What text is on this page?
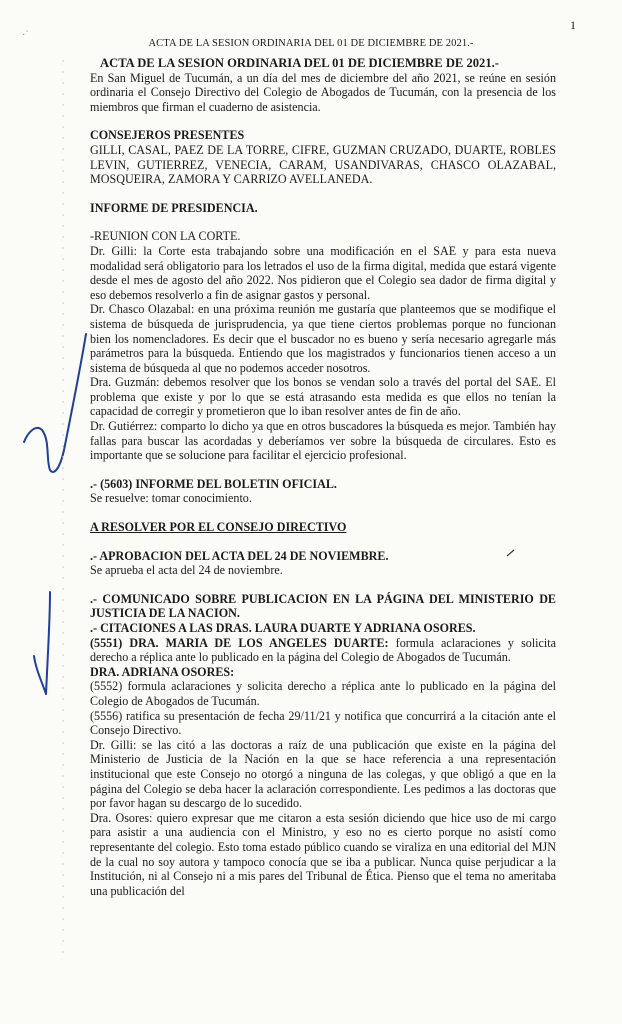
·ˋ
1
ACTA DE LA SESION ORDINARIA DEL 01 DE DICIEMBRE DE 2021.-

ACTA DE LA SESION ORDINARIA DEL 01 DE DICIEMBRE DE 2021.-

En San Miguel de Tucumán, a un día del mes de diciembre del año 2021, se reúne en sesión ordinaria el Consejo Directivo del Colegio de Abogados de Tucumán, con la presencia de los miembros que firman el cuaderno de asistencia.

CONSEJEROS PRESENTES

GILLI, CASAL, PAEZ DE LA TORRE, CIFRE, GUZMAN CRUZADO, DUARTE, ROBLES LEVIN, GUTIERREZ, VENECIA, CARAM, USANDIVARAS, CHASCO OLAZABAL, MOSQUEIRA, ZAMORA Y CARRIZO AVELLANEDA.

INFORME DE PRESIDENCIA.

-REUNION CON LA CORTE.

Dr. Gilli: la Corte esta trabajando sobre una modificación en el SAE y para esta nueva modalidad será obligatorio para los letrados el uso de la firma digital, medida que estará vigente desde el mes de agosto del año 2022. Nos pidieron que el Colegio sea dador de firma digital y eso debemos resolverlo a fin de asignar gastos y personal.

Dr. Chasco Olazabal: en una próxima reunión me gustaría que planteemos que se modifique el sistema de búsqueda de jurisprudencia, ya que tiene ciertos problemas porque no funcionan bien los nomencladores. Es decir que el buscador no es bueno y sería necesario agregarle más parámetros para la búsqueda. Entiendo que los magistrados y funcionarios tienen acceso a un sistema de búsqueda al que no podemos acceder nosotros.

Dra. Guzmán: debemos resolver que los bonos se vendan solo a través del portal del SAE. El problema que existe y por lo que se está atrasando esta medida es que ellos no tenían la capacidad de corregir y prometieron que lo iban resolver antes de fin de año.

Dr. Gutiérrez: comparto lo dicho ya que en otros buscadores la búsqueda es mejor. También hay fallas para buscar las acordadas y deberíamos ver sobre la búsqueda de circulares. Esto es importante que se solucione para facilitar el ejercicio profesional.

.- (5603) INFORME DEL BOLETIN OFICIAL.

Se resuelve: tomar conocimiento.

A RESOLVER POR EL CONSEJO DIRECTIVO

.- APROBACION DEL ACTA DEL 24 DE NOVIEMBRE.

Se aprueba el acta del 24 de noviembre.

.- COMUNICADO SOBRE PUBLICACION EN LA PÁGINA DEL MINISTERIO DE JUSTICIA DE LA NACION.

.- CITACIONES A LAS DRAS. LAURA DUARTE Y ADRIANA OSORES.

(5551) DRA. MARIA DE LOS ANGELES DUARTE: formula aclaraciones y solicita derecho a réplica ante lo publicado en la página del Colegio de Abogados de Tucumán.

DRA. ADRIANA OSORES:

(5552) formula aclaraciones y solicita derecho a réplica ante lo publicado en la página del Colegio de Abogados de Tucumán.

(5556) ratifica su presentación de fecha 29/11/21 y notifica que concurrirá a la citación ante el Consejo Directivo.

Dr. Gilli: se las citó a las doctoras a raíz de una publicación que existe en la página del Ministerio de Justicia de la Nación en la que se hace referencia a una representación institucional que este Consejo no otorgó a ninguna de las colegas, y que obligó a que en la página del Colegio se deba hacer la aclaración correspondiente. Les pedimos a las doctoras que por favor hagan su descargo de lo sucedido.

Dra. Osores: quiero expresar que me citaron a esta sesión diciendo que hice uso de mi cargo para asistir a una audiencia con el Ministro, y eso no es cierto porque no asistí como representante del colegio. Esto toma estado público cuando se viraliza en una editorial del MJN de la cual no soy autora y tampoco conocía que se iba a publicar. Nunca quise perjudicar a la Institución, ni al Consejo ni a mis pares del Tribunal de Ética. Pienso que el tema no ameritaba una publicación del
